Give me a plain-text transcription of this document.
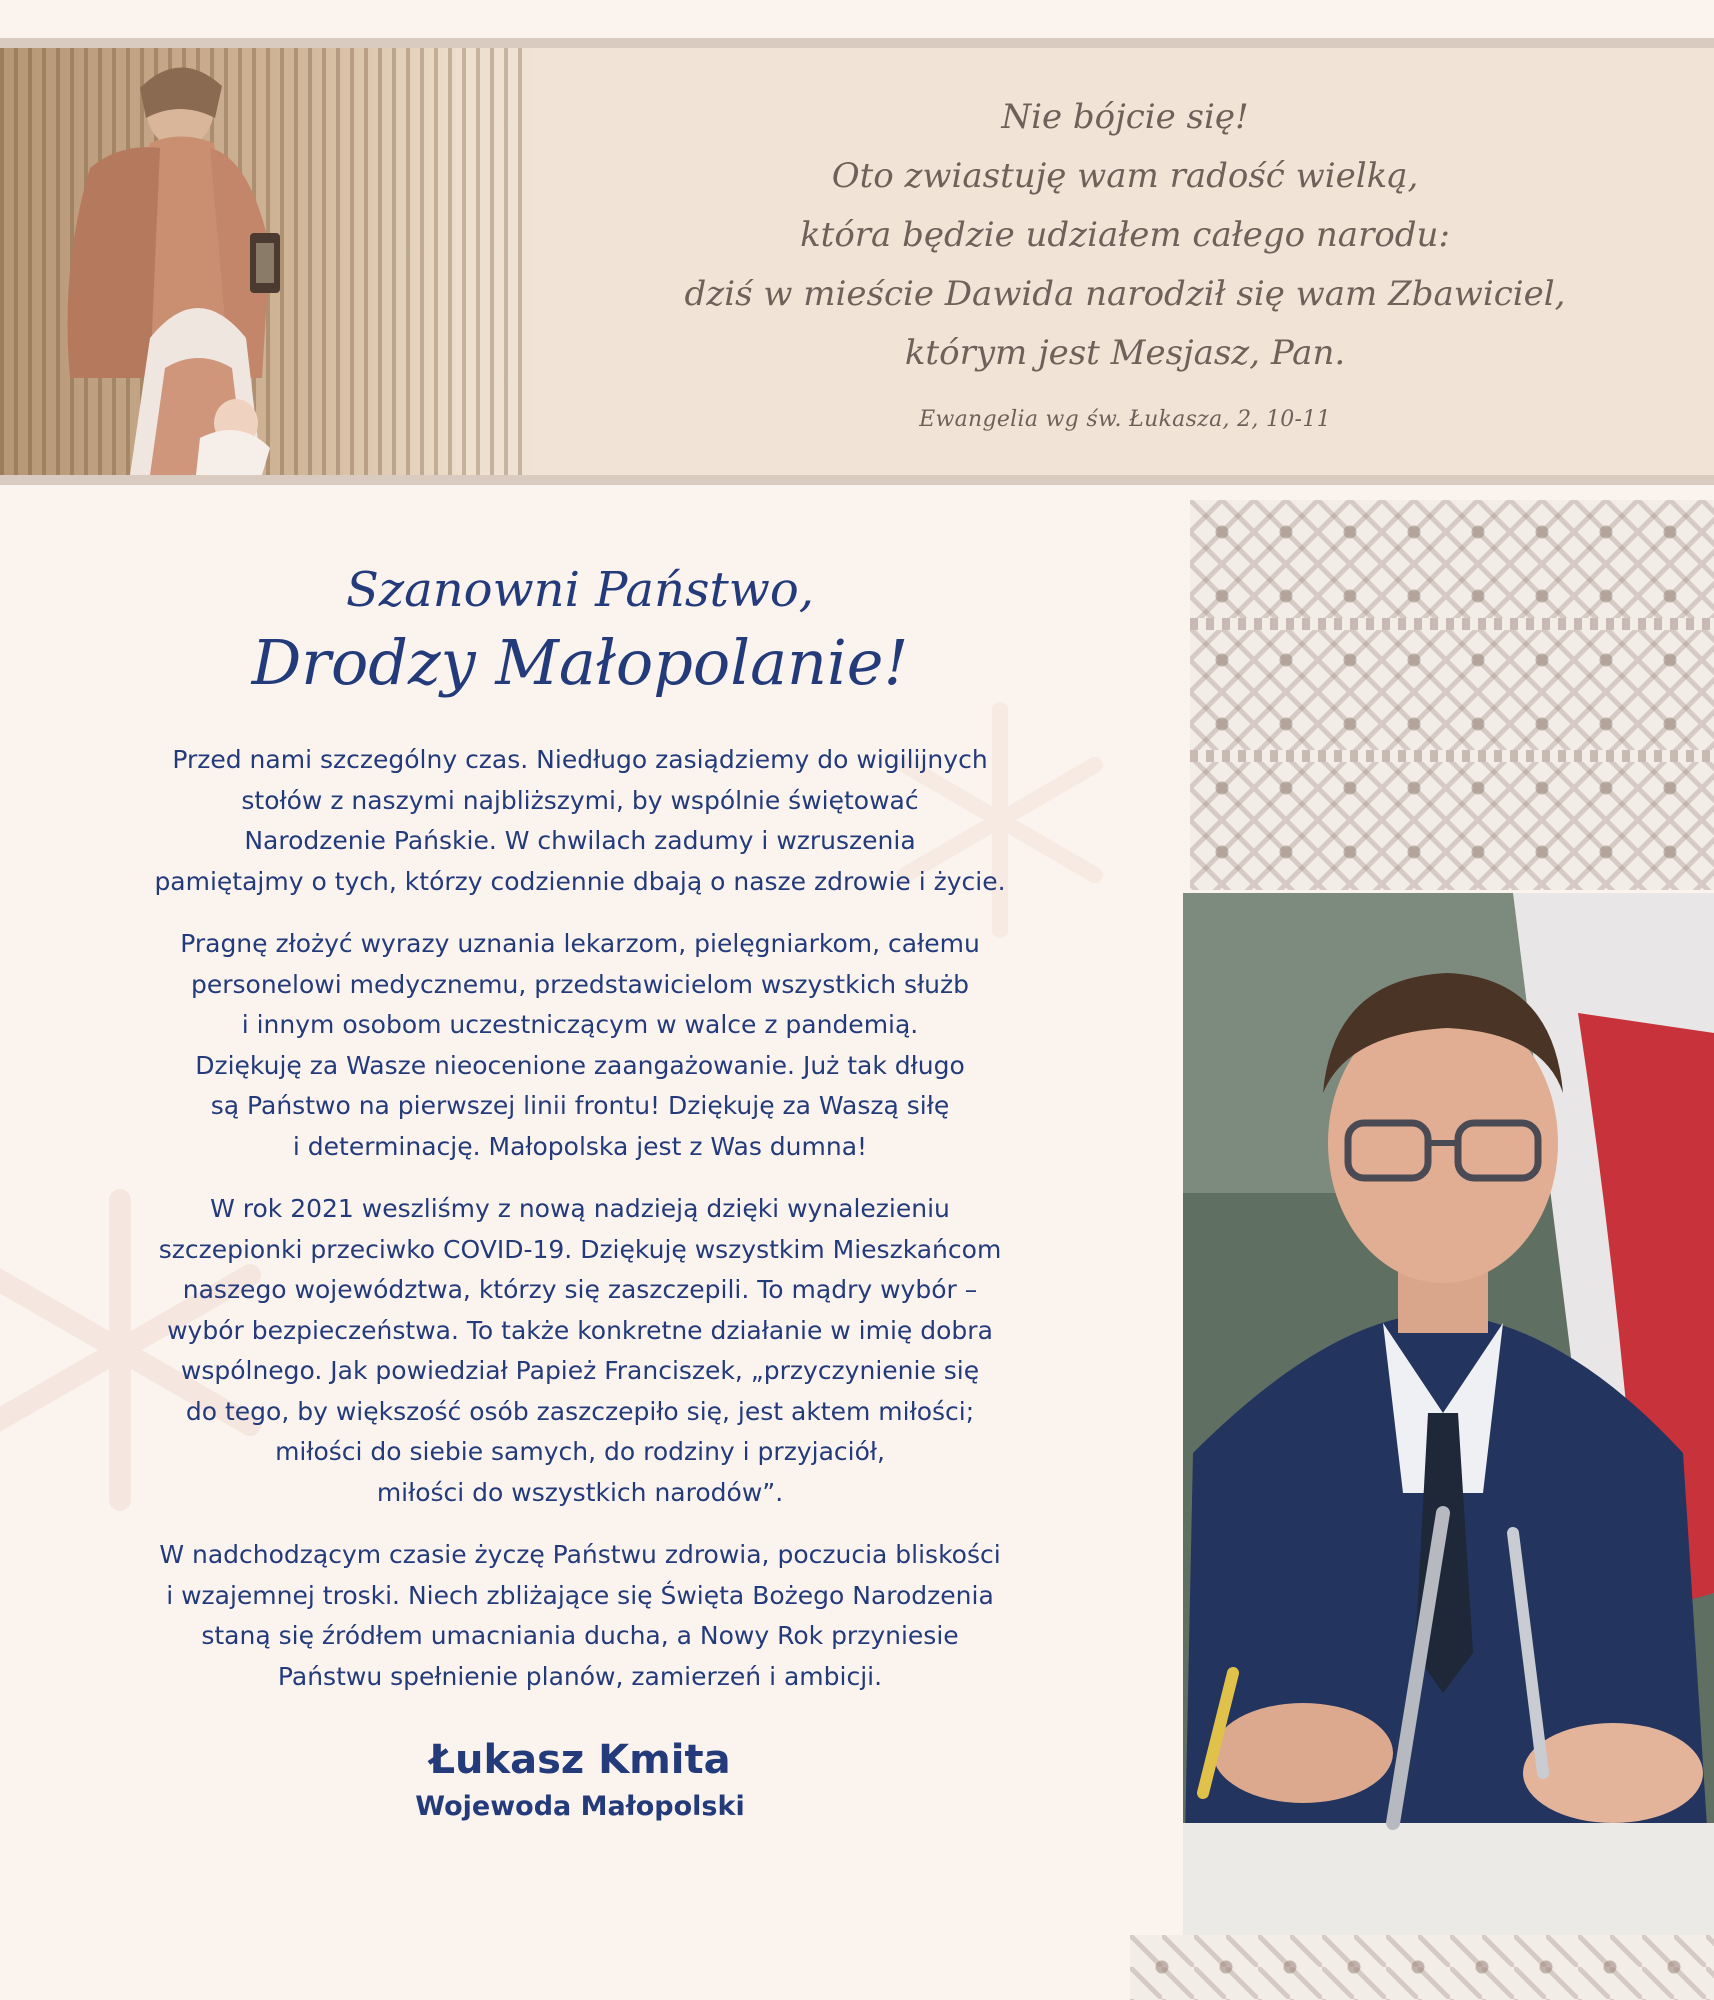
Nie bójcie się!
Oto zwiastuję wam radość wielką,
która będzie udziałem całego narodu:
dziś w mieście Dawida narodził się wam Zbawiciel,
którym jest Mesjasz, Pan.
Ewangelia wg św. Łukasza, 2, 10-11
Szanowni Państwo,
Drodzy Małopolanie!

Przed nami szczególny czas. Niedługo zasiądziemy do wigilijnych
stołów z naszymi najbliższymi, by wspólnie świętować
Narodzenie Pańskie. W chwilach zadumy i wzruszenia
pamiętajmy o tych, którzy codziennie dbają o nasze zdrowie i życie.

Pragnę złożyć wyrazy uznania lekarzom, pielęgniarkom, całemu
personelowi medycznemu, przedstawicielom wszystkich służb
i innym osobom uczestniczącym w walce z pandemią.
Dziękuję za Wasze nieocenione zaangażowanie. Już tak długo
są Państwo na pierwszej linii frontu! Dziękuję za Waszą siłę
i determinację. Małopolska jest z Was dumna!

W rok 2021 weszliśmy z nową nadzieją dzięki wynalezieniu
szczepionki przeciwko COVID-19. Dziękuję wszystkim Mieszkańcom
naszego województwa, którzy się zaszczepili. To mądry wybór –
wybór bezpieczeństwa. To także konkretne działanie w imię dobra
wspólnego. Jak powiedział Papież Franciszek, „przyczynienie się
do tego, by większość osób zaszczepiło się, jest aktem miłości;
miłości do siebie samych, do rodziny i przyjaciół,
miłości do wszystkich narodów”.

W nadchodzącym czasie życzę Państwu zdrowia, poczucia bliskości
i wzajemnej troski. Niech zbliżające się Święta Bożego Narodzenia
staną się źródłem umacniania ducha, a Nowy Rok przyniesie
Państwu spełnienie planów, zamierzeń i ambicji.

Łukasz Kmita
Wojewoda Małopolski
